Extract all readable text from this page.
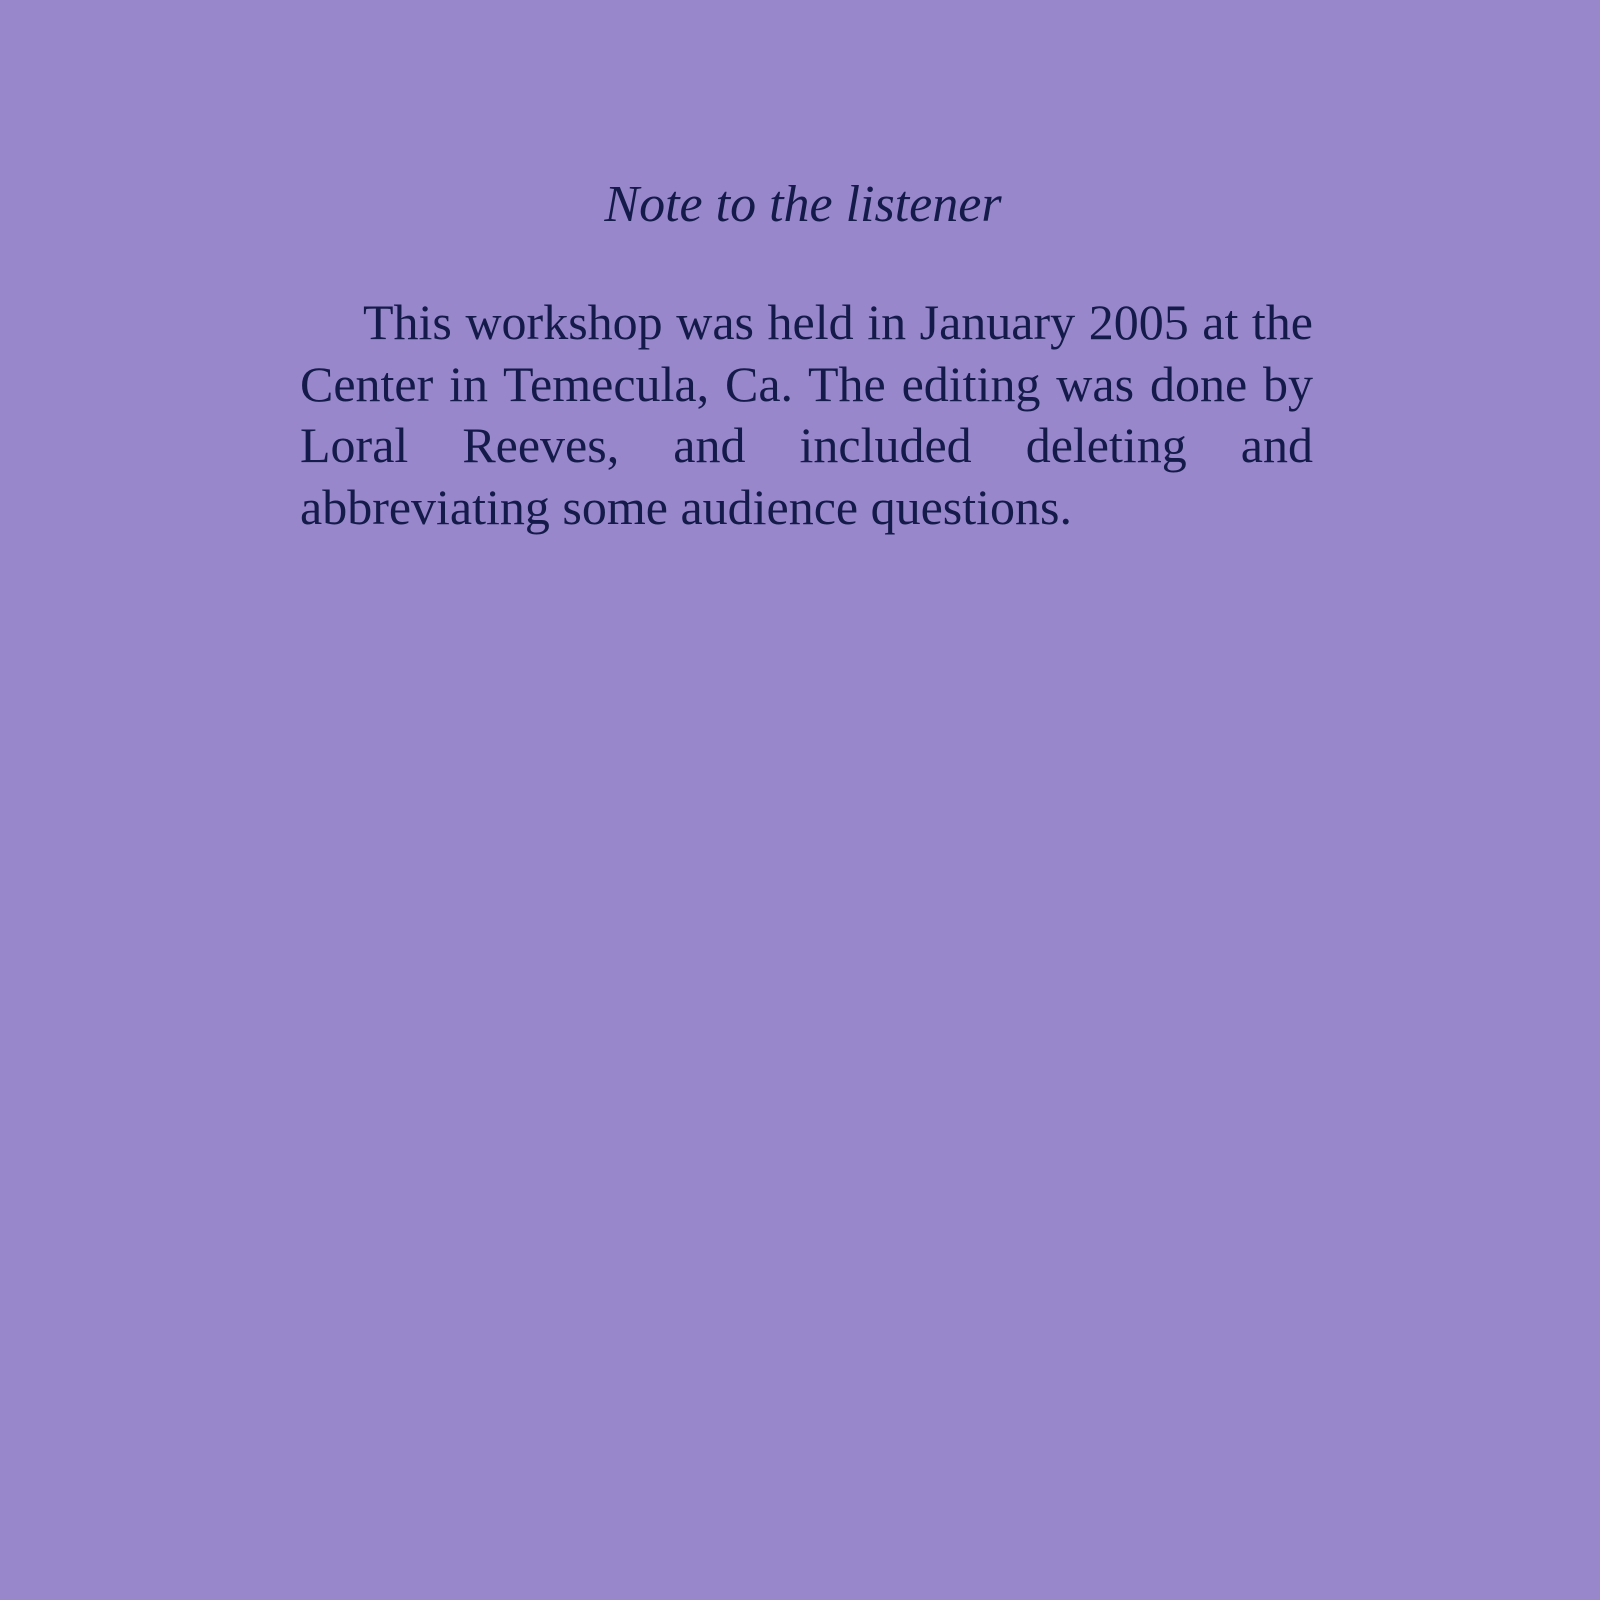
Note to the listener

This workshop was held in January 2005 at the Center in Temecula, Ca. The editing was done by Loral Reeves, and included deleting and abbreviating some audience questions.
